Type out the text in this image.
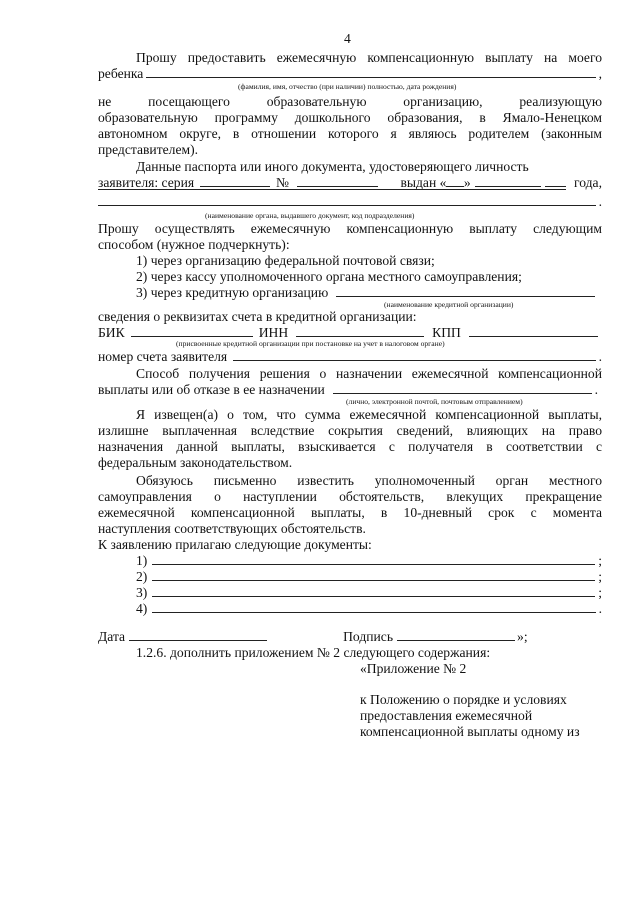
4
Прошу предоставить ежемесячную компенсационную выплату на моего
ребенка	,
(фамилия, имя, отчество (при наличии) полностью, дата рождения)
не посещающего образовательную организацию, реализующую
образовательную программу дошкольного образования, в Ямало-Ненецком
автономном округе, в отношении которого я являюсь родителем (законным
представителем).
Данные паспорта или иного документа, удостоверяющего личность
заявителя: серия	№	выдан « »	года,
.
(наименование органа, выдавшего документ, код подразделения)
Прошу осуществлять ежемесячную компенсационную выплату следующим
способом (нужное подчеркнуть):
1) через организацию федеральной почтовой связи;
2) через кассу уполномоченного органа местного самоуправления;
3) через кредитную организацию
(наименование кредитной организации)
сведения о реквизитах счета в кредитной организации:
БИК	ИНН	КПП
(присвоенные кредитной организации при постановке на учет в налоговом органе)
номер счета заявителя	.
Способ получения решения о назначении ежемесячной компенсационной
выплаты или об отказе в ее назначении	.
(лично, электронной почтой, почтовым отправлением)
Я извещен(а) о том, что сумма ежемесячной компенсационной выплаты,
излишне выплаченная вследствие сокрытия сведений, влияющих на право
назначения данной выплаты, взыскивается с получателя в соответствии с
федеральным законодательством.
Обязуюсь письменно известить уполномоченный орган местного
самоуправления о наступлении обстоятельств, влекущих прекращение
ежемесячной компенсационной выплаты, в 10-дневный срок с момента
наступления соответствующих обстоятельств.
К заявлению прилагаю следующие документы:
1)	;
2)	;
3)	;
4)	.
Дата	Подпись	»;
1.2.6. дополнить приложением № 2 следующего содержания:
«Приложение № 2
к Положению о порядке и условиях
предоставления ежемесячной
компенсационной выплаты одному из
